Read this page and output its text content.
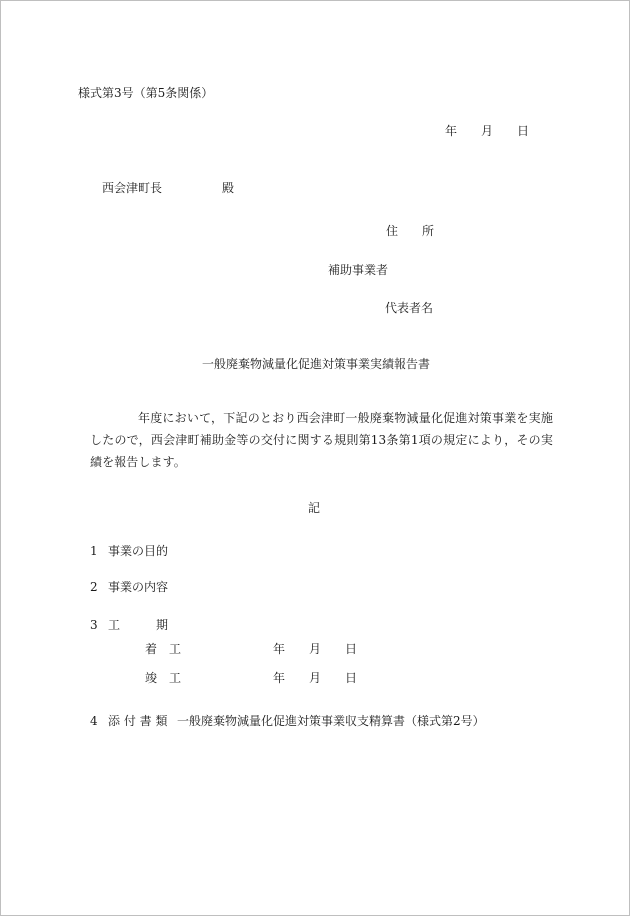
様式第3号（第5条関係）
年　　月　　日
西会津町長　　　　　殿
住　　所
補助事業者
代表者名
一般廃棄物減量化促進対策事業実績報告書
年度において，下記のとおり西会津町一般廃棄物減量化促進対策事業を実施したので，西会津町補助金等の交付に関する規則第13条第1項の規定により，その実績を報告します。
記
1 事業の目的
2 事業の内容
3 工　　　期
着　工	年　　月　　日
竣　工	年　　月　　日
4 添 付 書 類 一般廃棄物減量化促進対策事業収支精算書（様式第2号）
